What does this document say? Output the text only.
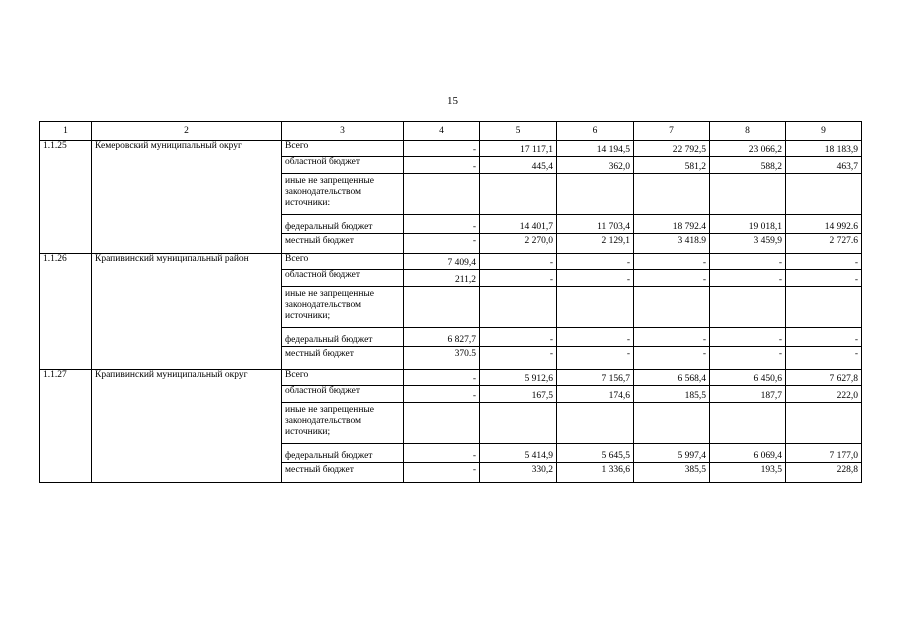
15
1	2	3	4	5	6	7	8	9
1.1.25	Кемеровский муниципальный округ	Всего	-	17 117,1	14 194,5	22 792,5	23 066,2	18 183,9
		областной бюджет	-	445,4	362,0	581,2	588,2	463,7
		иные не запрещенные законодательством источники:						
		федеральный бюджет	-	14 401,7	11 703,4	18 792.4	19 018,1	14 992.6
		местный бюджет	-	2 270,0	2 129,1	3 418.9	3 459,9	2 727.6
1.1.26	Крапивинский муниципальный район	Всего	7 409,4	-	-	-	-	-
		областной бюджет	211,2	-	-	-	-	-
		иные не запрещенные законодательством источники;						
		федеральный бюджет	6 827,7	-	-	-	-	-
		местный бюджет	370.5	-	-	-	-	-
1.1.27	Крапивинский муниципальный округ	Всего	-	5 912,6	7 156,7	6 568,4	6 450,6	7 627,8
		областной бюджет	-	167,5	174,6	185,5	187,7	222,0
		иные не запрещенные законодательством источники;						
		федеральный бюджет	-	5 414,9	5 645,5	5 997,4	6 069,4	7 177,0
		местный бюджет	-	330,2	1 336,6	385,5	193,5	228,8
